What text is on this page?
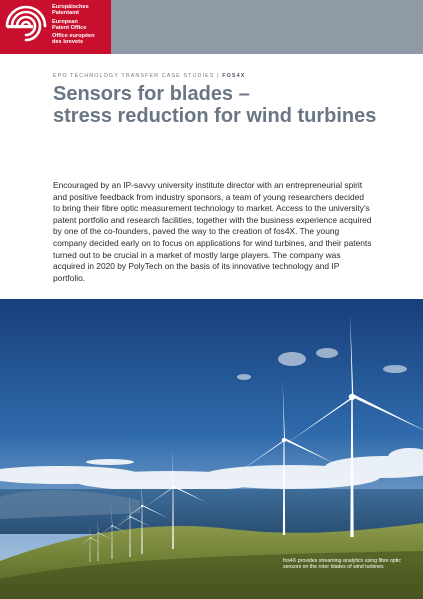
Europäisches
Patentamt
European
Patent Office
Office européen
des brevets
EPO TECHNOLOGY TRANSFER CASE STUDIES | FOS4X
Sensors for blades –
stress reduction for wind turbines

Encouraged by an IP-savvy university institute director with an entrepreneurial spirit and positive feedback from industry sponsors, a team of young researchers decided to bring their fibre optic measurement technology to market. Access to the university's patent portfolio and research facilities, together with the business experience acquired by one of the co-founders, paved the way to the creation of fos4X. The young company decided early on to focus on applications for wind turbines, and their patents turned out to be crucial in a market of mostly large players. The company was acquired in 2020 by PolyTech on the basis of its innovative technology and IP portfolio.

fos4X provides streaming analytics using fibre optic sensors on the rotor blades of wind turbines
